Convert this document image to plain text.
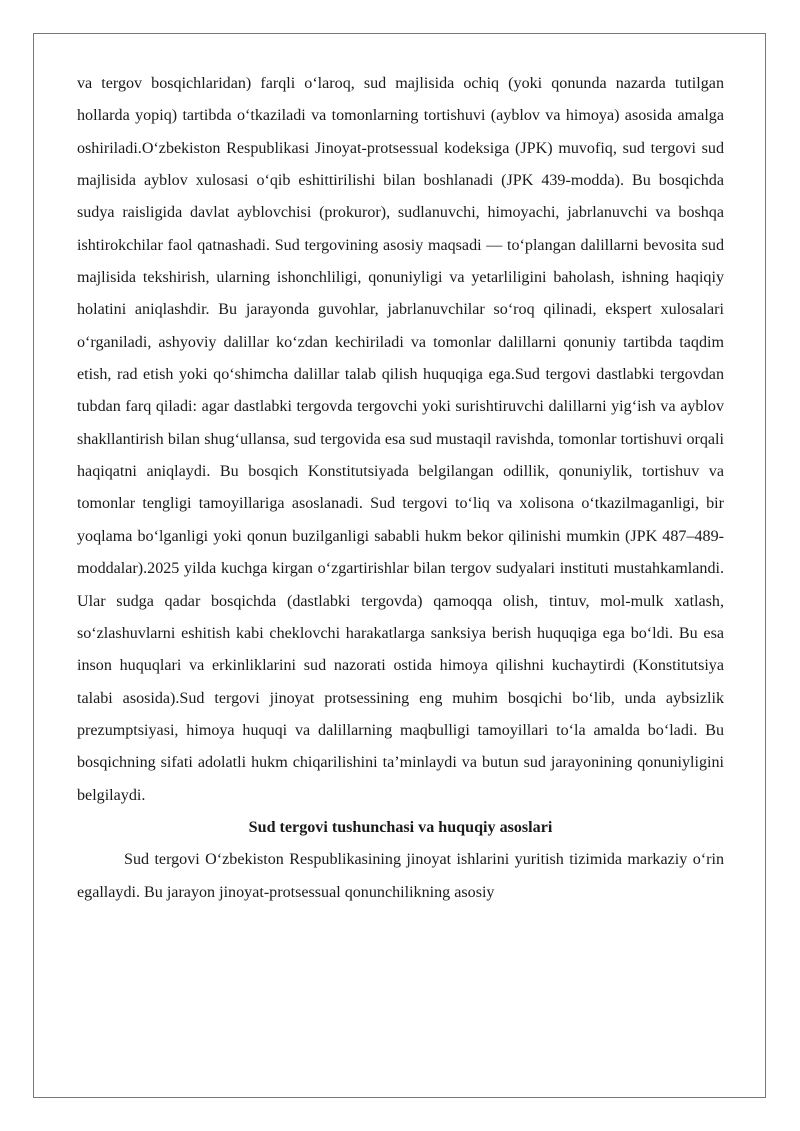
va tergov bosqichlaridan) farqli o‘laroq, sud majlisida ochiq (yoki qonunda nazarda tutilgan hollarda yopiq) tartibda o‘tkaziladi va tomonlarning tortishuvi (ayblov va himoya) asosida amalga oshiriladi.O‘zbekiston Respublikasi Jinoyat-protsessual kodeksiga (JPK) muvofiq, sud tergovi sud majlisida ayblov xulosasi o‘qib eshittirilishi bilan boshlanadi (JPK 439-modda). Bu bosqichda sudya raisligida davlat ayblovchisi (prokuror), sudlanuvchi, himoyachi, jabrlanuvchi va boshqa ishtirokchilar faol qatnashadi. Sud tergovining asosiy maqsadi — to‘plangan dalillarni bevosita sud majlisida tekshirish, ularning ishonchliligi, qonuniyligi va yetarliligini baholash, ishning haqiqiy holatini aniqlashdir. Bu jarayonda guvohlar, jabrlanuvchilar so‘roq qilinadi, ekspert xulosalari o‘rganiladi, ashyoviy dalillar ko‘zdan kechiriladi va tomonlar dalillarni qonuniy tartibda taqdim etish, rad etish yoki qo‘shimcha dalillar talab qilish huquqiga ega.Sud tergovi dastlabki tergovdan tubdan farq qiladi: agar dastlabki tergovda tergovchi yoki surishtiruvchi dalillarni yig‘ish va ayblov shakllantirish bilan shug‘ullansa, sud tergovida esa sud mustaqil ravishda, tomonlar tortishuvi orqali haqiqatni aniqlaydi. Bu bosqich Konstitutsiyada belgilangan odillik, qonuniylik, tortishuv va tomonlar tengligi tamoyillariga asoslanadi. Sud tergovi to‘liq va xolisona o‘tkazilmaganligi, bir yoqlama bo‘lganligi yoki qonun buzilganligi sababli hukm bekor qilinishi mumkin (JPK 487–489-moddalar).2025 yilda kuchga kirgan o‘zgartirishlar bilan tergov sudyalari instituti mustahkamlandi. Ular sudga qadar bosqichda (dastlabki tergovda) qamoqqa olish, tintuv, mol-mulk xatlash, so‘zlashuvlarni eshitish kabi cheklovchi harakatlarga sanksiya berish huquqiga ega bo‘ldi. Bu esa inson huquqlari va erkinliklarini sud nazorati ostida himoya qilishni kuchaytirdi (Konstitutsiya talabi asosida).Sud tergovi jinoyat protsessining eng muhim bosqichi bo‘lib, unda aybsizlik prezumptsiyasi, himoya huquqi va dalillarning maqbulligi tamoyillari to‘la amalda bo‘ladi. Bu bosqichning sifati adolatli hukm chiqarilishini ta’minlaydi va butun sud jarayonining qonuniyligini belgilaydi.

Sud tergovi tushunchasi va huquqiy asoslari

Sud tergovi O‘zbekiston Respublikasining jinoyat ishlarini yuritish tizimida markaziy o‘rin egallaydi. Bu jarayon jinoyat-protsessual qonunchilikning asosiy
